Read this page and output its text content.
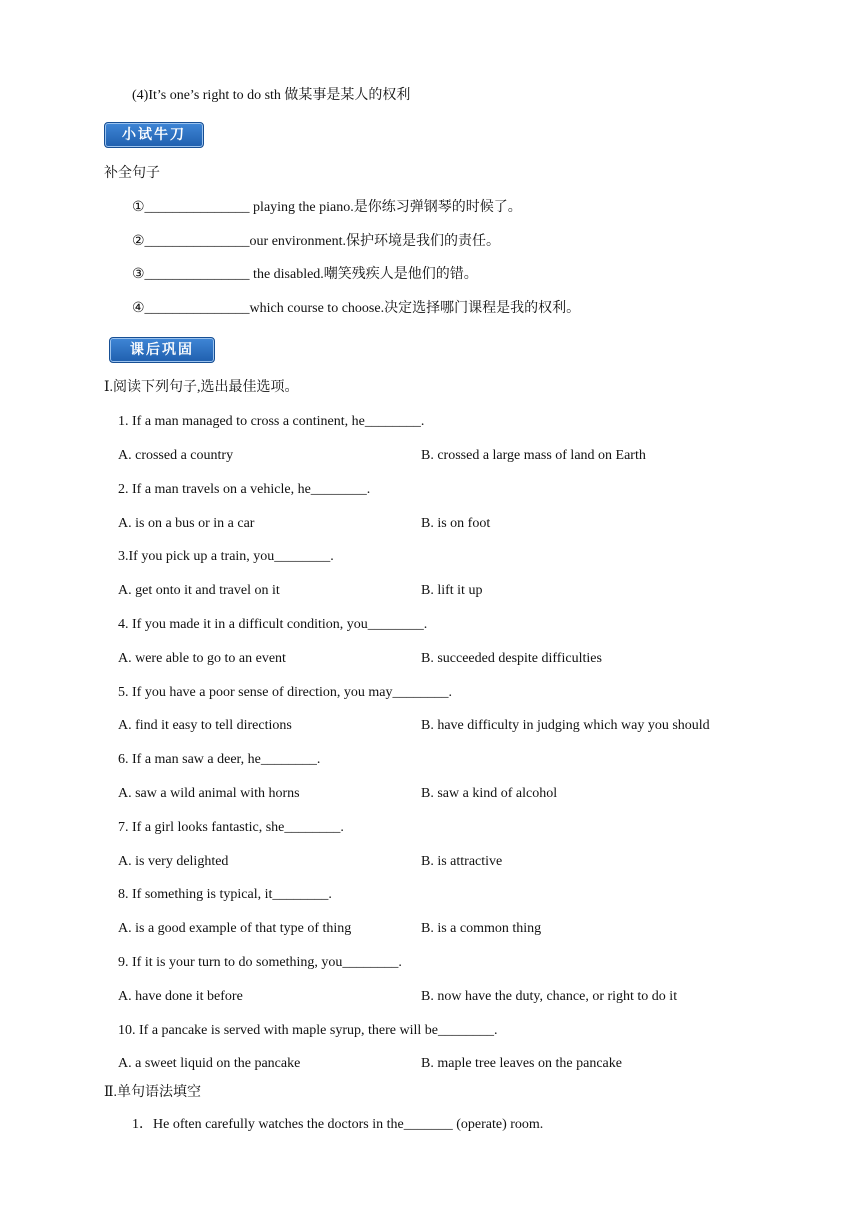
(4)It’s one’s right to do sth 做某事是某人的权利
小试牛刀
补全句子
①_______________ playing the piano.是你练习弹钢琴的时候了。
②_______________our environment.保护环境是我们的责任。
③_______________ the disabled.嘲笑残疾人是他们的错。
④_______________which course to choose.决定选择哪门课程是我的权利。
课后巩固
Ⅰ.阅读下列句子,选出最佳选项。
1. If a man managed to cross a continent, he________.
A. crossed a country	B. crossed a large mass of land on Earth
2. If a man travels on a vehicle, he________.
A. is on a bus or in a car	B. is on foot
3.If you pick up a train, you________.
A. get onto it and travel on it	B. lift it up
4. If you made it in a difficult condition, you________.
A. were able to go to an event	B. succeeded despite difficulties
5. If you have a poor sense of direction, you may________.
A. find it easy to tell directions	B. have difficulty in judging which way you should
6. If a man saw a deer, he________.
A. saw a wild animal with horns	B. saw a kind of alcohol
7. If a girl looks fantastic, she________.
A. is very delighted	B. is attractive
8. If something is typical, it________.
A. is a good example of that type of thing	B. is a common thing
9. If it is your turn to do something, you________.
A. have done it before	B. now have the duty, chance, or right to do it
10. If a pancake is served with maple syrup, there will be________.
A. a sweet liquid on the pancake	B. maple tree leaves on the pancake
Ⅱ.单句语法填空
1．He often carefully watches the doctors in the_______ (operate) room.
